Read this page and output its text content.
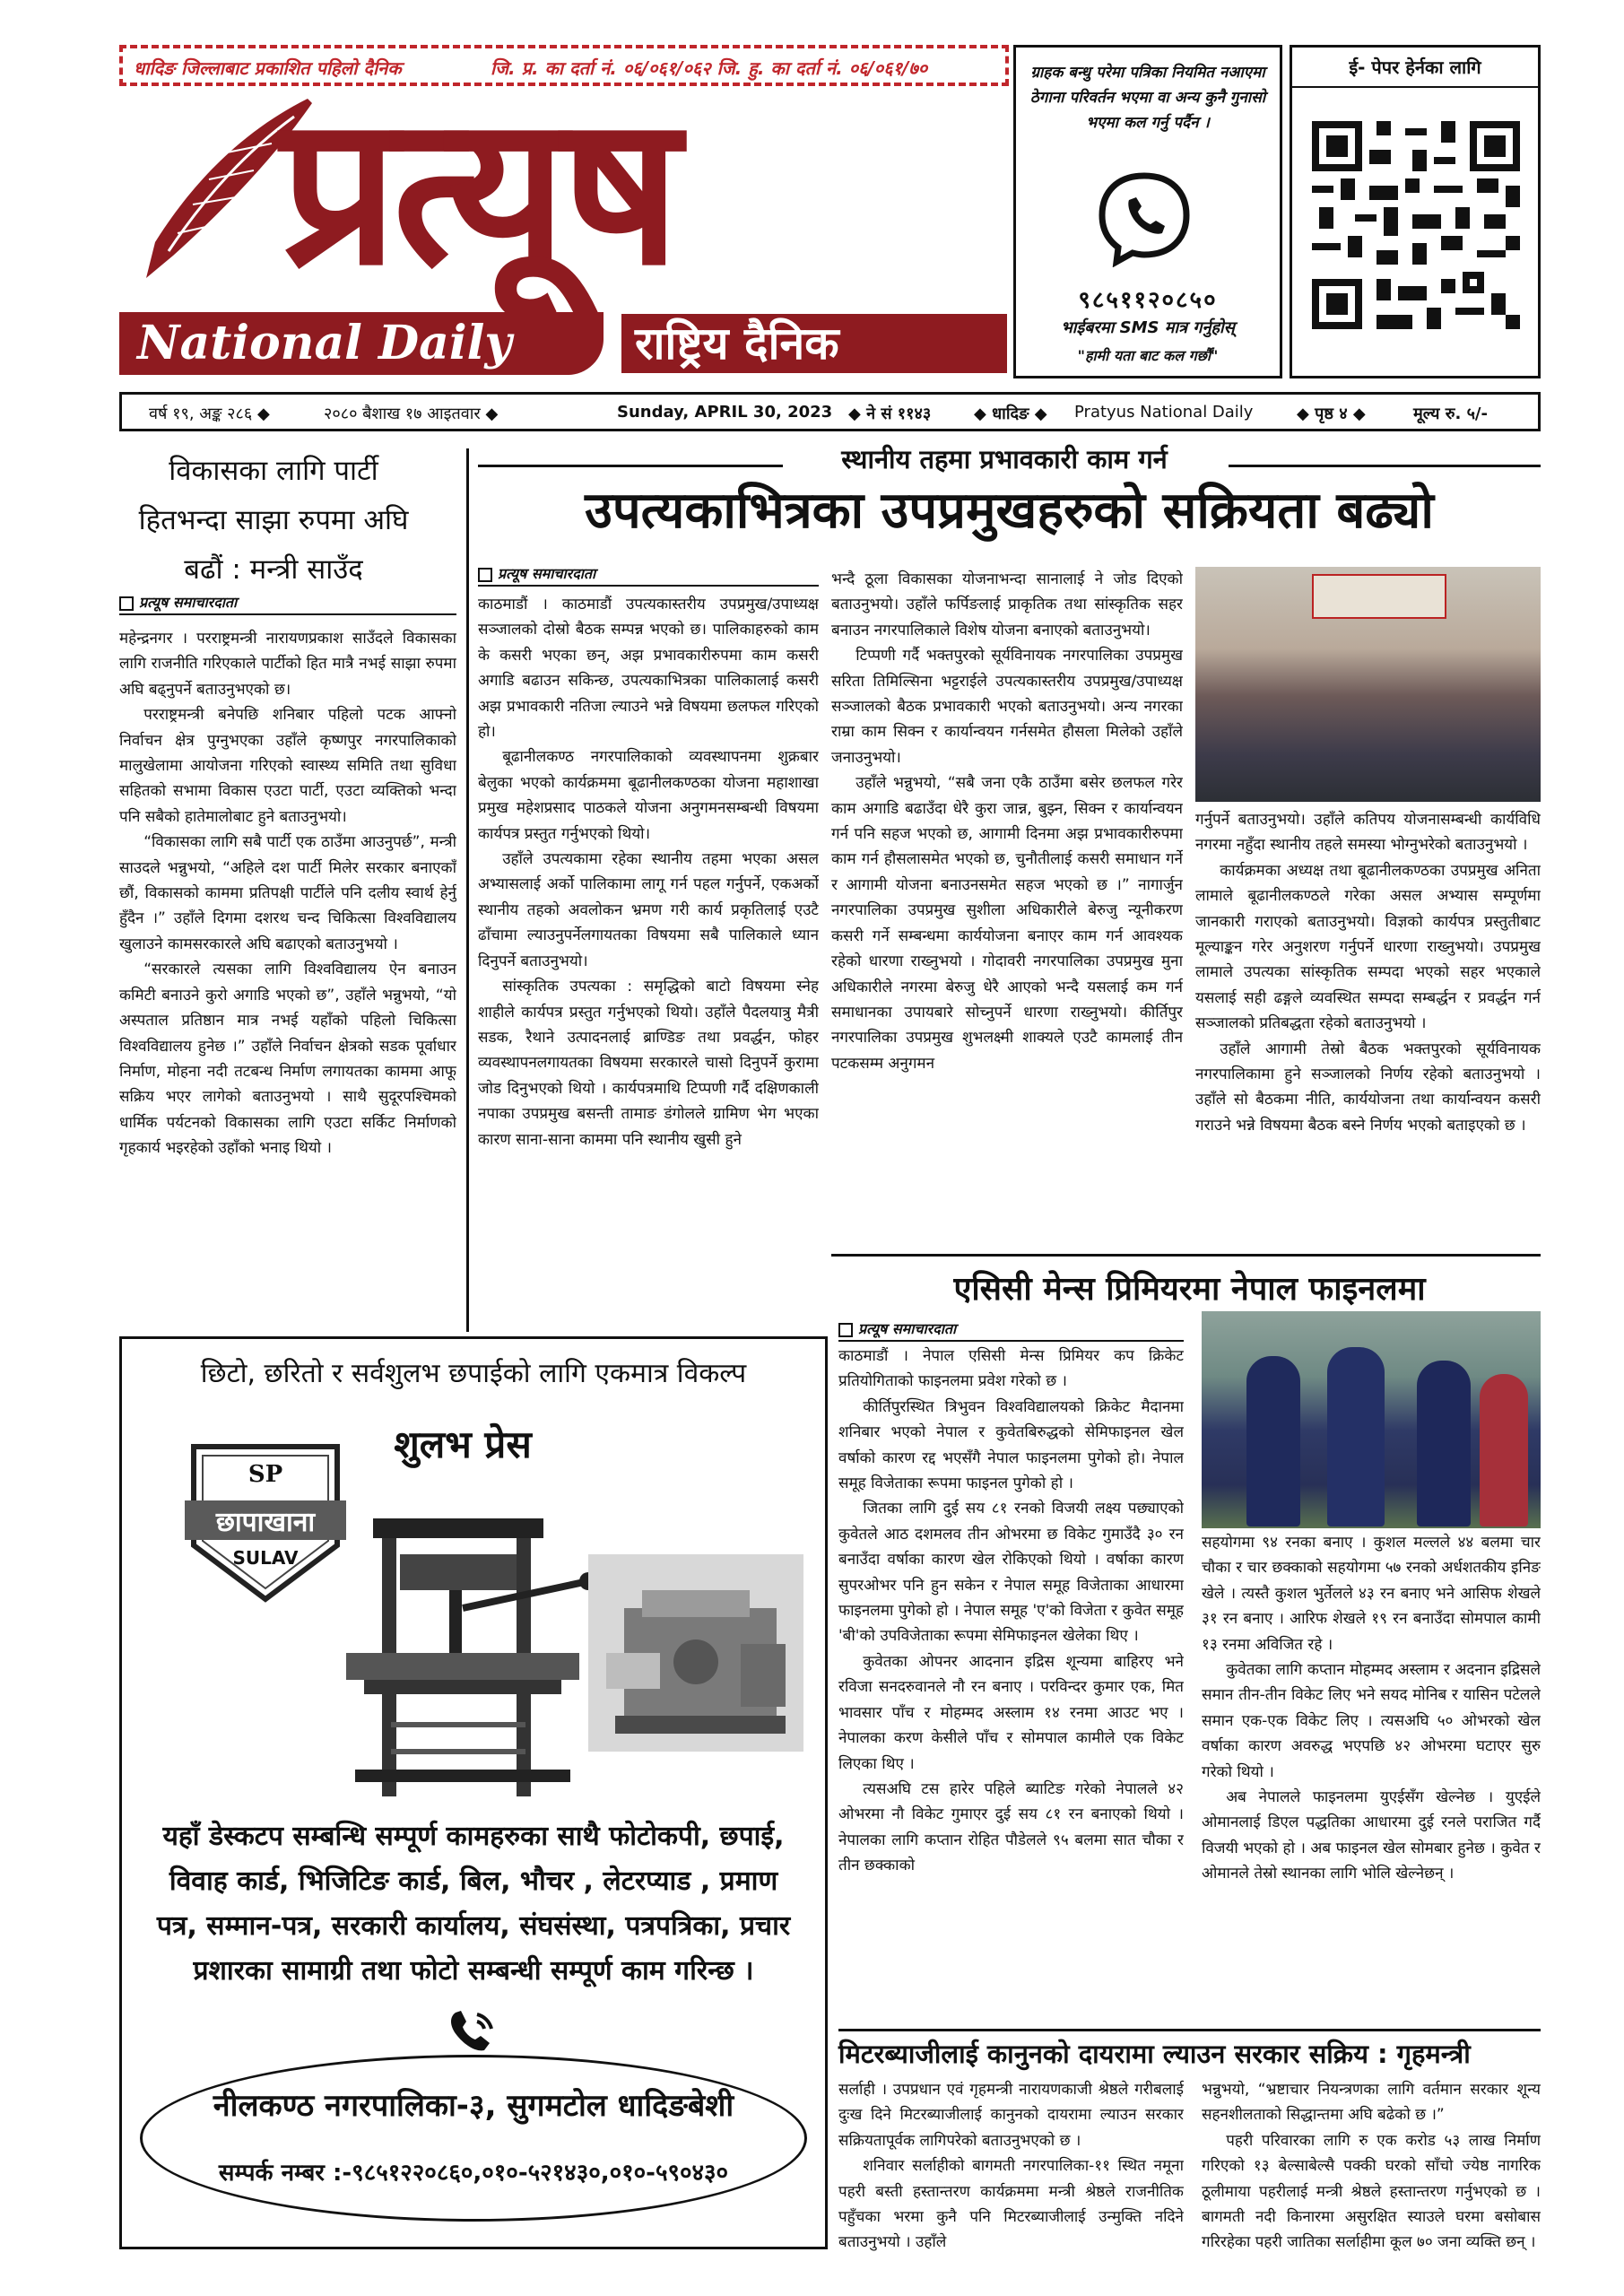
धादिङ जिल्लाबाट प्रकाशित पहिलो दैनिक	जि. प्र. का दर्ता नं. ०६/०६१/०६२ जि. हु. का दर्ता नं. ०६/०६१/७०
प्रत्यूष
National Daily	राष्ट्रिय दैनिक
ग्राहक बन्धु परेमा पत्रिका नियमित नआएमा ठेगाना परिवर्तन भएमा वा अन्य कुनै गुनासो भएमा कल गर्नु पर्दैन ।
९८५११२०८५०
भाईबरमा SMS मात्र गर्नुहोस्
"हामी यता बाट कल गर्छौं"
ई- पेपर हेर्नका लागि
वर्ष १९, अङ्क २८६ ◆	२०८० बैशाख १७ आइतवार ◆	Sunday, APRIL 30, 2023 ◆ ने सं ११४३	◆ धादिङ ◆ Pratyus National Daily	◆ पृष्ठ ४ ◆	मूल्य रु. ५/-
विकासका लागि पार्टी हितभन्दा साझा रुपमा अघि बढौं : मन्त्री साउँद
प्रत्यूष समाचारदाता

महेन्द्रनगर । परराष्ट्रमन्त्री नारायणप्रकाश साउँदले विकासका लागि राजनीति गरिएकाले पार्टीको हित मात्रै नभई साझा रुपमा अघि बढ्नुपर्ने बताउनुभएको छ।

परराष्ट्रमन्त्री बनेपछि शनिबार पहिलो पटक आफ्नो निर्वाचन क्षेत्र पुग्नुभएका उहाँले कृष्णपुर नगरपालिकाको मालुखेलामा आयोजना गरिएको स्वास्थ्य समिति तथा सुविधा सहितको सभामा विकास एउटा पार्टी, एउटा व्यक्तिको भन्दा पनि सबैको हातेमालोबाट हुने बताउनुभयो।

“विकासका लागि सबै पार्टी एक ठाउँमा आउनुपर्छ”, मन्त्री साउदले भन्नुभयो, “अहिले दश पार्टी मिलेर सरकार बनाएकाँ छौं, विकासको काममा प्रतिपक्षी पार्टीले पनि दलीय स्वार्थ हेर्नु हुँदैन ।” उहाँले दिगमा दशरथ चन्द चिकित्सा विश्वविद्यालय खुलाउने कामसरकारले अघि बढाएको बताउनुभयो ।

“सरकारले त्यसका लागि विश्वविद्यालय ऐन बनाउन कमिटी बनाउने कुरो अगाडि भएको छ”, उहाँले भन्नुभयो, “यो अस्पताल प्रतिष्ठान मात्र नभई यहाँको पहिलो चिकित्सा विश्वविद्यालय हुनेछ ।” उहाँले निर्वाचन क्षेत्रको सडक पूर्वाधार निर्माण, मोहना नदी तटबन्ध निर्माण लगायतका काममा आफू सक्रिय भएर लागेको बताउनुभयो । साथै सुदूरपश्चिमको धार्मिक पर्यटनको विकासका लागि एउटा सर्किट निर्माणको गृहकार्य भइरहेको उहाँको भनाइ थियो ।

स्थानीय तहमा प्रभावकारी काम गर्न
उपत्यकाभित्रका उपप्रमुखहरुको सक्रियता बढ्यो
प्रत्यूष समाचारदाता

काठमाडौं । काठमाडौं उपत्यकास्तरीय उपप्रमुख/उपाध्यक्ष सञ्जालको दोस्रो बैठक सम्पन्न भएको छ। पालिकाहरुको काम के कसरी भएका छन्, अझ प्रभावकारीरुपमा काम कसरी अगाडि बढाउन सकिन्छ, उपत्यकाभित्रका पालिकालाई कसरी अझ प्रभावकारी नतिजा ल्याउने भन्ने विषयमा छलफल गरिएको हो।

बूढानीलकण्ठ नगरपालिकाको व्यवस्थापनमा शुक्रबार बेलुका भएको कार्यक्रममा बूढानीलकण्ठका योजना महाशाखा प्रमुख महेशप्रसाद पाठकले योजना अनुगमनसम्बन्धी विषयमा कार्यपत्र प्रस्तुत गर्नुभएको थियो।

उहाँले उपत्यकामा रहेका स्थानीय तहमा भएका असल अभ्यासलाई अर्को पालिकामा लागू गर्न पहल गर्नुपर्ने, एकअर्को स्थानीय तहको अवलोकन भ्रमण गरी कार्य प्रकृतिलाई एउटै ढाँचामा ल्याउनुपर्नेलगायतका विषयमा सबै पालिकाले ध्यान दिनुपर्ने बताउनुभयो।

सांस्कृतिक उपत्यका : समृद्धिको बाटो विषयमा स्नेह शाहीले कार्यपत्र प्रस्तुत गर्नुभएको थियो। उहाँले पैदलयात्रु मैत्री सडक, रैथाने उत्पादनलाई ब्राण्डिङ तथा प्रवर्द्धन, फोहर व्यवस्थापनलगायतका विषयमा सरकारले चासो दिनुपर्ने कुरामा जोड दिनुभएको थियो । कार्यपत्रमाथि टिप्पणी गर्दै दक्षिणकाली नपाका उपप्रमुख बसन्ती तामाङ डंगोलले ग्रामिण भेग भएका कारण साना-साना काममा पनि स्थानीय खुसी हुने

भन्दै ठूला विकासका योजनाभन्दा सानालाई ने जोड दिएको बताउनुभयो। उहाँले फर्पिङलाई प्राकृतिक तथा सांस्कृतिक सहर बनाउन नगरपालिकाले विशेष योजना बनाएको बताउनुभयो।

टिप्पणी गर्दै भक्तपुरको सूर्यविनायक नगरपालिका उपप्रमुख सरिता तिमिल्सिना भट्टराईले उपत्यकास्तरीय उपप्रमुख/उपाध्यक्ष सञ्जालको बैठक प्रभावकारी भएको बताउनुभयो। अन्य नगरका राम्रा काम सिक्न र कार्यान्वयन गर्नसमेत हौसला मिलेको उहाँले जनाउनुभयो।

उहाँले भन्नुभयो, “सबै जना एकै ठाउँमा बसेर छलफल गरेर काम अगाडि बढाउँदा धेरै कुरा जान्न, बुझ्न, सिक्न र कार्यान्वयन गर्न पनि सहज भएको छ, आगामी दिनमा अझ प्रभावकारीरुपमा काम गर्न हौसलासमेत भएको छ, चुनौतीलाई कसरी समाधान गर्ने र आगामी योजना बनाउनसमेत सहज भएको छ ।” नागार्जुन नगरपालिका उपप्रमुख सुशीला अधिकारीले बेरुजु न्यूनीकरण कसरी गर्ने सम्बन्धमा कार्ययोजना बनाएर काम गर्न आवश्यक रहेको धारणा राख्नुभयो । गोदावरी नगरपालिका उपप्रमुख मुना अधिकारीले नगरमा बेरुजु धेरै आएको भन्दै यसलाई कम गर्न समाधानका उपायबारे सोच्नुपर्ने धारणा राख्नुभयो। कीर्तिपुर नगरपालिका उपप्रमुख शुभलक्ष्मी शाक्यले एउटै कामलाई तीन पटकसम्म अनुगमन

गर्नुपर्ने बताउनुभयो। उहाँले कतिपय योजनासम्बन्धी कार्यविधि नगरमा नहुँदा स्थानीय तहले समस्या भोग्नुभरेको बताउनुभयो ।

कार्यक्रमका अध्यक्ष तथा बूढानीलकण्ठका उपप्रमुख अनिता लामाले बूढानीलकण्ठले गरेका असल अभ्यास सम्पूर्णमा जानकारी गराएको बताउनुभयो। विज्ञको कार्यपत्र प्रस्तुतीबाट मूल्याङ्कन गरेर अनुशरण गर्नुपर्ने धारणा राख्नुभयो। उपप्रमुख लामाले उपत्यका सांस्कृतिक सम्पदा भएको सहर भएकाले यसलाई सही ढङ्गले व्यवस्थित सम्पदा सम्बर्द्धन र प्रवर्द्धन गर्न सञ्जालको प्रतिबद्धता रहेको बताउनुभयो ।

उहाँले आगामी तेस्रो बैठक भक्तपुरको सूर्यविनायक नगरपालिकामा हुने सञ्जालको निर्णय रहेको बताउनुभयो । उहाँले सो बैठकमा नीति, कार्ययोजना तथा कार्यान्वयन कसरी गराउने भन्ने विषयमा बैठक बस्ने निर्णय भएको बताइएको छ ।

छिटो, छरितो र सर्वशुलभ छपाईको लागि एकमात्र विकल्प
शुलभ प्रेस
SP
छापाखाना
SULAV
यहाँ डेस्कटप सम्बन्धि सम्पूर्ण कामहरुका साथै फोटोकपी, छपाई, विवाह कार्ड, भिजिटिङ कार्ड, बिल, भौचर , लेटरप्याड , प्रमाण पत्र, सम्मान-पत्र, सरकारी कार्यालय, संघसंस्था, पत्रपत्रिका, प्रचार प्रशारका सामाग्री तथा फोटो सम्बन्धी सम्पूर्ण काम गरिन्छ ।
नीलकण्ठ नगरपालिका-३, सुगमटोल धादिङबेशी
सम्पर्क नम्बर :-९८५१२२०८६०,०१०-५२१४३०,०१०-५९०४३०
एसिसी मेन्स प्रिमियरमा नेपाल फाइनलमा
प्रत्यूष समाचारदाता

काठमाडौं । नेपाल एसिसी मेन्स प्रिमियर कप क्रिकेट प्रतियोगिताको फाइनलमा प्रवेश गरेको छ ।

कीर्तिपुरस्थित त्रिभुवन विश्वविद्यालयको क्रिकेट मैदानमा शनिबार भएको नेपाल र कुवेतबिरुद्धको सेमिफाइनल खेल वर्षाको कारण रद्द भएसँगै नेपाल फाइनलमा पुगेको हो। नेपाल समूह विजेताका रूपमा फाइनल पुगेको हो ।

जितका लागि दुई सय ८१ रनको विजयी लक्ष्य पछ्याएको कुवेतले आठ दशमलव तीन ओभरमा छ विकेट गुमाउँदै ३० रन बनाउँदा वर्षाका कारण खेल रोकिएको थियो । वर्षाका कारण सुपरओभर पनि हुन सकेन र नेपाल समूह विजेताका आधारमा फाइनलमा पुगेको हो । नेपाल समूह 'ए'को विजेता र कुवेत समूह 'बी'को उपविजेताका रूपमा सेमिफाइनल खेलेका थिए ।

कुवेतका ओपनर आदनान इद्रिस शून्यमा बाहिरए भने रविजा सनदरुवानले नौ रन बनाए । परविन्दर कुमार एक, मित भावसार पाँच र मोहम्मद अस्लाम १४ रनमा आउट भए । नेपालका करण केसीले पाँच र सोमपाल कामीले एक विकेट लिएका थिए ।

त्यसअघि टस हारेर पहिले ब्याटिङ गरेको नेपालले ४२ ओभरमा नौ विकेट गुमाएर दुई सय ८१ रन बनाएको थियो । नेपालका लागि कप्तान रोहित पौडेलले ९५ बलमा सात चौका र तीन छक्काको

सहयोगमा ९४ रनका बनाए । कुशल मल्लले ४४ बलमा चार चौका र चार छक्काको सहयोगमा ५७ रनको अर्धशतकीय इनिङ खेले । त्यस्तै कुशल भुर्तेलले ४३ रन बनाए भने आसिफ शेखले ३१ रन बनाए । आरिफ शेखले १९ रन बनाउँदा सोमपाल कामी १३ रनमा अविजित रहे ।

कुवेतका लागि कप्तान मोहम्मद अस्लाम र अदनान इद्रिसले समान तीन-तीन विकेट लिए भने सयद मोनिब र यासिन पटेलले समान एक-एक विकेट लिए । त्यसअघि ५० ओभरको खेल वर्षाका कारण अवरुद्ध भएपछि ४२ ओभरमा घटाएर सुरु गरेको थियो ।

अब नेपालले फाइनलमा युएईसँग खेल्नेछ । युएईले ओमानलाई डिएल पद्धतिका आधारमा दुई रनले पराजित गर्दै विजयी भएको हो । अब फाइनल खेल सोमबार हुनेछ । कुवेत र ओमानले तेस्रो स्थानका लागि भोलि खेल्नेछन् ।

मिटरब्याजीलाई कानुनको दायरामा ल्याउन सरकार सक्रिय : गृहमन्त्री

सर्लाही । उपप्रधान एवं गृहमन्त्री नारायणकाजी श्रेष्ठले गरीबलाई दुःख दिने मिटरब्याजीलाई कानुनको दायरामा ल्याउन सरकार सक्रियतापूर्वक लागिपरेको बताउनुभएको छ ।

शनिवार सर्लाहीको बागमती नगरपालिका-११ स्थित नमूना पहरी बस्ती हस्तान्तरण कार्यक्रममा मन्त्री श्रेष्ठले राजनीतिक पहुँचका भरमा कुनै पनि मिटरब्याजीलाई उन्मुक्ति नदिने बताउनुभयो । उहाँले

भन्नुभयो, “भ्रष्टाचार नियन्त्रणका लागि वर्तमान सरकार शून्य सहनशीलताको सिद्धान्तमा अघि बढेको छ ।”

पहरी परिवारका लागि रु एक करोड ५३ लाख निर्माण गरिएको १३ बेल्साबेल्सै पक्की घरको साँचो ज्येष्ठ नागरिक ठूलीमाया पहरीलाई मन्त्री श्रेष्ठले हस्तान्तरण गर्नुभएको छ । बागमती नदी किनारमा असुरक्षित स्याउले घरमा बसोबास गरिरहेका पहरी जातिका सर्लाहीमा कूल ७० जना व्यक्ति छन् ।
